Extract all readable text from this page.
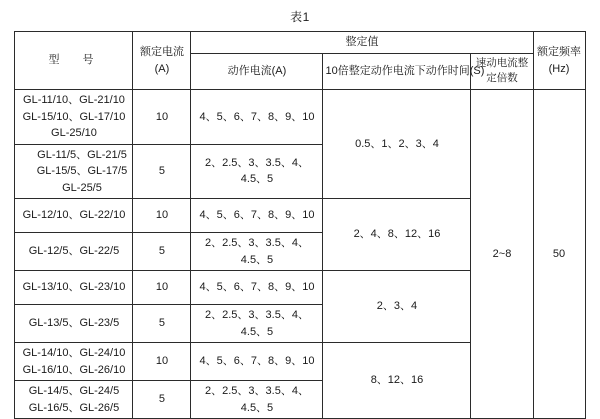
表1
型　号	额定电流(A)	整定值			额定频率(Hz)
		动作电流(A)	10倍整定动作电流下动作时间(S)	速动电流整定倍数	

GL-11/10、GL-21/10
GL-15/10、GL-17/10
GL-25/10	10	4、5、6、7、8、9、10	0.5、1、2、3、4	2~8	50

GL-11/5、GL-21/5
GL-15/5、GL-17/5
GL-25/5	5	2、2.5、3、3.5、4、4.5、5			

GL-12/10、GL-22/10	10	4、5、6、7、8、9、10	2、4、8、12、16		

GL-12/5、GL-22/5	5	2、2.5、3、3.5、4、4.5、5			

GL-13/10、GL-23/10	10	4、5、6、7、8、9、10	2、3、4		

GL-13/5、GL-23/5	5	2、2.5、3、3.5、4、4.5、5			

GL-14/10、GL-24/10
GL-16/10、GL-26/10	10	4、5、6、7、8、9、10	8、12、16		

GL-14/5、GL-24/5
GL-16/5、GL-26/5	5	2、2.5、3、3.5、4、4.5、5			
